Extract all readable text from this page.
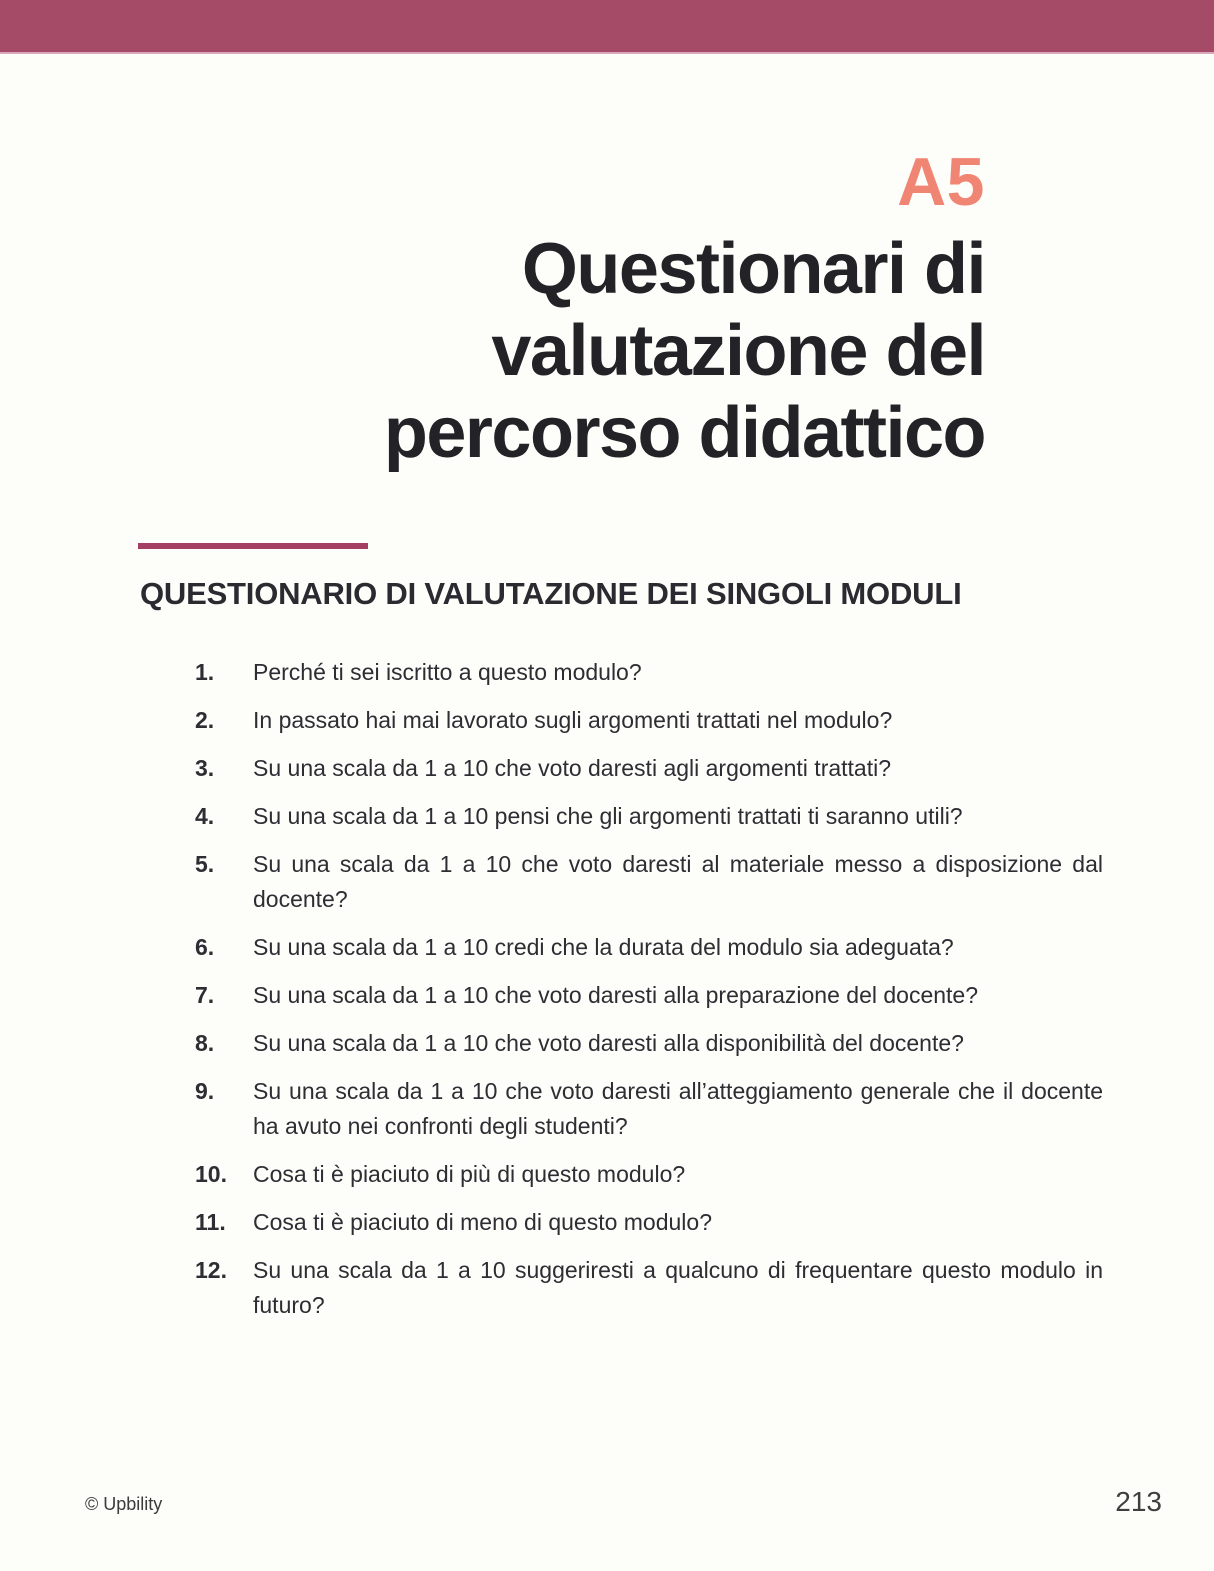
A5
Questionari di
valutazione del
percorso didattico
QUESTIONARIO DI VALUTAZIONE DEI SINGOLI MODULI
1.	Perché ti sei iscritto a questo modulo?
2.	In passato hai mai lavorato sugli argomenti trattati nel modulo?
3.	Su una scala da 1 a 10 che voto daresti agli argomenti trattati?
4.	Su una scala da 1 a 10 pensi che gli argomenti trattati ti saranno utili?
5.	Su una scala da 1 a 10 che voto daresti al materiale messo a disposizione dal docente?
6.	Su una scala da 1 a 10 credi che la durata del modulo sia adeguata?
7.	Su una scala da 1 a 10 che voto daresti alla preparazione del docente?
8.	Su una scala da 1 a 10 che voto daresti alla disponibilità del docente?
9.	Su una scala da 1 a 10 che voto daresti all’atteggiamento generale che il docente ha avuto nei confronti degli studenti?
10.	Cosa ti è piaciuto di più di questo modulo?
11.	Cosa ti è piaciuto di meno di questo modulo?
12.	Su una scala da 1 a 10 suggeriresti a qualcuno di frequentare questo modulo in futuro?
© Upbility	213
